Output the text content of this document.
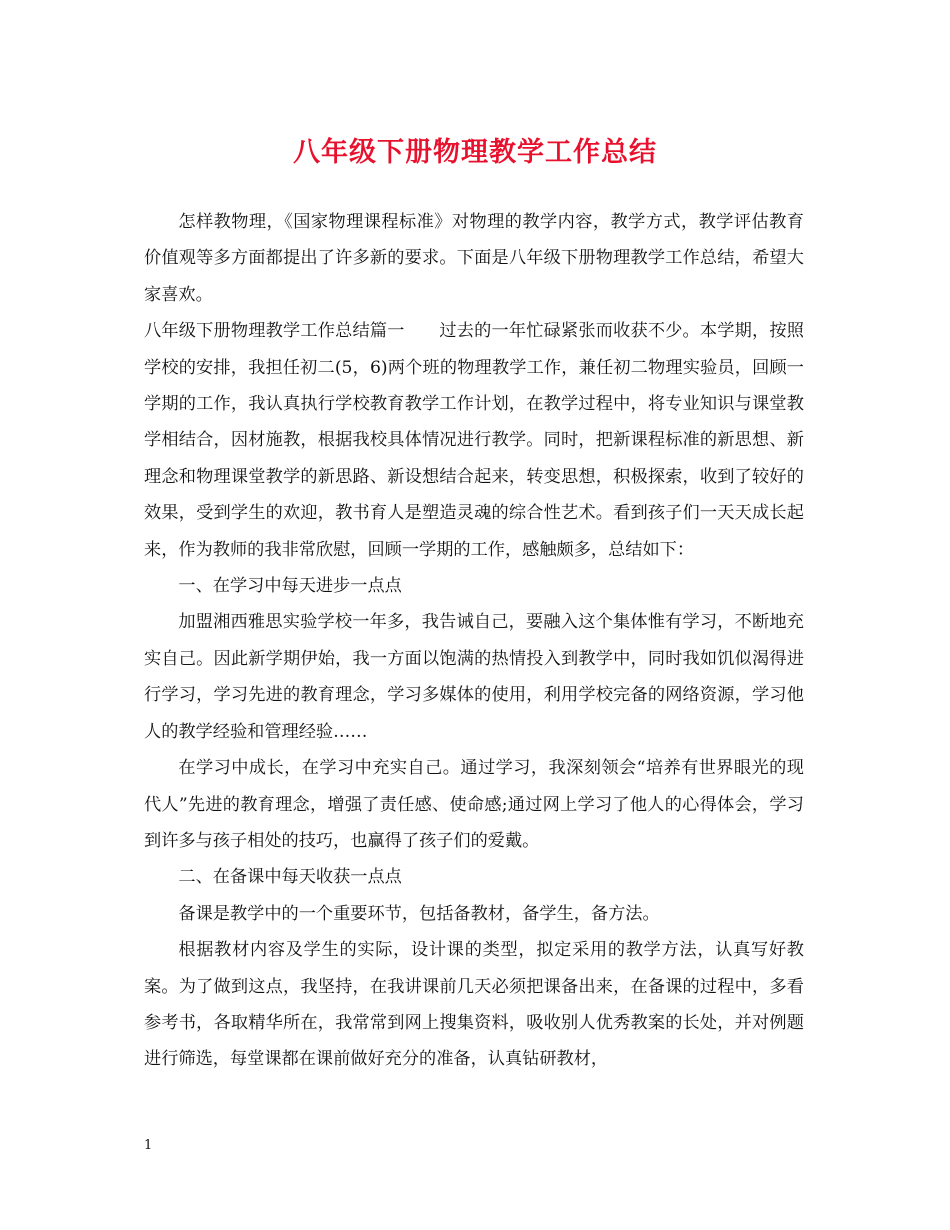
八年级下册物理教学工作总结

怎样教物理，《国家物理课程标准》对物理的教学内容，教学方式，教学评估教育价值观等多方面都提出了许多新的要求。下面是八年级下册物理教学工作总结，希望大家喜欢。

八年级下册物理教学工作总结篇一　　过去的一年忙碌紧张而收获不少。本学期，按照学校的安排，我担任初二(5，6)两个班的物理教学工作，兼任初二物理实验员，回顾一学期的工作，我认真执行学校教育教学工作计划，在教学过程中，将专业知识与课堂教学相结合，因材施教，根据我校具体情况进行教学。同时，把新课程标准的新思想、新理念和物理课堂教学的新思路、新设想结合起来，转变思想，积极探索，收到了较好的效果，受到学生的欢迎，教书育人是塑造灵魂的综合性艺术。看到孩子们一天天成长起来，作为教师的我非常欣慰，回顾一学期的工作，感触颇多，总结如下：

一、在学习中每天进步一点点

加盟湘西雅思实验学校一年多，我告诫自己，要融入这个集体惟有学习，不断地充实自己。因此新学期伊始，我一方面以饱满的热情投入到教学中，同时我如饥似渴得进行学习，学习先进的教育理念，学习多媒体的使用，利用学校完备的网络资源，学习他人的教学经验和管理经验……

在学习中成长，在学习中充实自己。通过学习，我深刻领会“培养有世界眼光的现代人”先进的教育理念，增强了责任感、使命感;通过网上学习了他人的心得体会，学习到许多与孩子相处的技巧，也赢得了孩子们的爱戴。

二、在备课中每天收获一点点

备课是教学中的一个重要环节，包括备教材，备学生，备方法。

根据教材内容及学生的实际，设计课的类型，拟定采用的教学方法，认真写好教案。为了做到这点，我坚持，在我讲课前几天必须把课备出来，在备课的过程中，多看参考书，各取精华所在，我常常到网上搜集资料，吸收别人优秀教案的长处，并对例题进行筛选，每堂课都在课前做好充分的准备，认真钻研教材，

1
